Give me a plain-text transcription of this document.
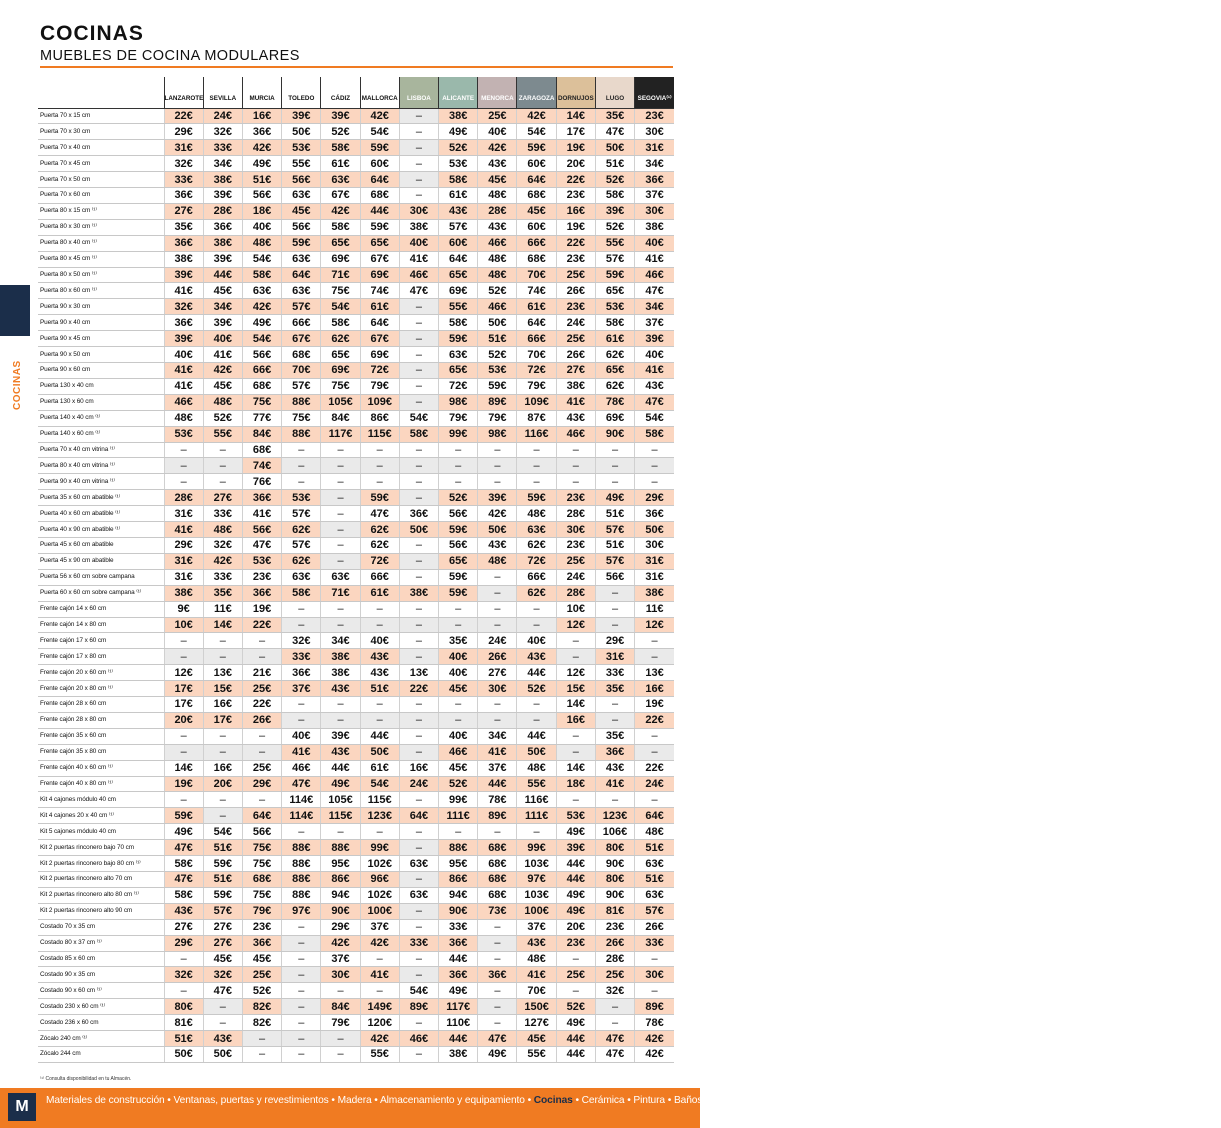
COCINAS
MUEBLES DE COCINA MODULARES
COCINAS
	LANZAROTE	SEVILLA	MURCIA	TOLEDO	CÁDIZ	MALLORCA	LISBOA	ALICANTE	MENORCA	ZARAGOZA	DORNUJOS	LUGO	SEGOVIA⁽¹⁾
Puerta 70 x 15 cm	22€	24€	16€	39€	39€	42€	–	38€	25€	42€	14€	35€	23€
Puerta 70 x 30 cm	29€	32€	36€	50€	52€	54€	–	49€	40€	54€	17€	47€	30€
Puerta 70 x 40 cm	31€	33€	42€	53€	58€	59€	–	52€	42€	59€	19€	50€	31€
Puerta 70 x 45 cm	32€	34€	49€	55€	61€	60€	–	53€	43€	60€	20€	51€	34€
Puerta 70 x 50 cm	33€	38€	51€	56€	63€	64€	–	58€	45€	64€	22€	52€	36€
Puerta 70 x 60 cm	36€	39€	56€	63€	67€	68€	–	61€	48€	68€	23€	58€	37€
Puerta 80 x 15 cm ⁽¹⁾	27€	28€	18€	45€	42€	44€	30€	43€	28€	45€	16€	39€	30€
Puerta 80 x 30 cm ⁽¹⁾	35€	36€	40€	56€	58€	59€	38€	57€	43€	60€	19€	52€	38€
Puerta 80 x 40 cm ⁽¹⁾	36€	38€	48€	59€	65€	65€	40€	60€	46€	66€	22€	55€	40€
Puerta 80 x 45 cm ⁽¹⁾	38€	39€	54€	63€	69€	67€	41€	64€	48€	68€	23€	57€	41€
Puerta 80 x 50 cm ⁽¹⁾	39€	44€	58€	64€	71€	69€	46€	65€	48€	70€	25€	59€	46€
Puerta 80 x 60 cm ⁽¹⁾	41€	45€	63€	63€	75€	74€	47€	69€	52€	74€	26€	65€	47€
Puerta 90 x 30 cm	32€	34€	42€	57€	54€	61€	–	55€	46€	61€	23€	53€	34€
Puerta 90 x 40 cm	36€	39€	49€	66€	58€	64€	–	58€	50€	64€	24€	58€	37€
Puerta 90 x 45 cm	39€	40€	54€	67€	62€	67€	–	59€	51€	66€	25€	61€	39€
Puerta 90 x 50 cm	40€	41€	56€	68€	65€	69€	–	63€	52€	70€	26€	62€	40€
Puerta 90 x 60 cm	41€	42€	66€	70€	69€	72€	–	65€	53€	72€	27€	65€	41€
Puerta 130 x 40 cm	41€	45€	68€	57€	75€	79€	–	72€	59€	79€	38€	62€	43€
Puerta 130 x 60 cm	46€	48€	75€	88€	105€	109€	–	98€	89€	109€	41€	78€	47€
Puerta 140 x 40 cm ⁽¹⁾	48€	52€	77€	75€	84€	86€	54€	79€	79€	87€	43€	69€	54€
Puerta 140 x 60 cm ⁽¹⁾	53€	55€	84€	88€	117€	115€	58€	99€	98€	116€	46€	90€	58€
Puerta 70 x 40 cm vitrina ⁽¹⁾	–	–	68€	–	–	–	–	–	–	–	–	–	–
Puerta 80 x 40 cm vitrina ⁽¹⁾	–	–	74€	–	–	–	–	–	–	–	–	–	–
Puerta 90 x 40 cm vitrina ⁽¹⁾	–	–	76€	–	–	–	–	–	–	–	–	–	–
Puerta 35 x 60 cm abatible ⁽¹⁾	28€	27€	36€	53€	–	59€	–	52€	39€	59€	23€	49€	29€
Puerta 40 x 60 cm abatible ⁽¹⁾	31€	33€	41€	57€	–	47€	36€	56€	42€	48€	28€	51€	36€
Puerta 40 x 90 cm abatible ⁽¹⁾	41€	48€	56€	62€	–	62€	50€	59€	50€	63€	30€	57€	50€
Puerta 45 x 60 cm abatible	29€	32€	47€	57€	–	62€	–	56€	43€	62€	23€	51€	30€
Puerta 45 x 90 cm abatible	31€	42€	53€	62€	–	72€	–	65€	48€	72€	25€	57€	31€
Puerta 56 x 60 cm sobre campana	31€	33€	23€	63€	63€	66€	–	59€	–	66€	24€	56€	31€
Puerta 60 x 60 cm sobre campana ⁽¹⁾	38€	35€	36€	58€	71€	61€	38€	59€	–	62€	28€	–	38€
Frente cajón 14 x 60 cm	9€	11€	19€	–	–	–	–	–	–	–	10€	–	11€
Frente cajón 14 x 80 cm	10€	14€	22€	–	–	–	–	–	–	–	12€	–	12€
Frente cajón 17 x 60 cm	–	–	–	32€	34€	40€	–	35€	24€	40€	–	29€	–
Frente cajón 17 x 80 cm	–	–	–	33€	38€	43€	–	40€	26€	43€	–	31€	–
Frente cajón 20 x 60 cm ⁽¹⁾	12€	13€	21€	36€	38€	43€	13€	40€	27€	44€	12€	33€	13€
Frente cajón 20 x 80 cm ⁽¹⁾	17€	15€	25€	37€	43€	51€	22€	45€	30€	52€	15€	35€	16€
Frente cajón 28 x 60 cm	17€	16€	22€	–	–	–	–	–	–	–	14€	–	19€
Frente cajón 28 x 80 cm	20€	17€	26€	–	–	–	–	–	–	–	16€	–	22€
Frente cajón 35 x 60 cm	–	–	–	40€	39€	44€	–	40€	34€	44€	–	35€	–
Frente cajón 35 x 80 cm	–	–	–	41€	43€	50€	–	46€	41€	50€	–	36€	–
Frente cajón 40 x 60 cm ⁽¹⁾	14€	16€	25€	46€	44€	61€	16€	45€	37€	48€	14€	43€	22€
Frente cajón 40 x 80 cm ⁽¹⁾	19€	20€	29€	47€	49€	54€	24€	52€	44€	55€	18€	41€	24€
Kit 4 cajones módulo 40 cm	–	–	–	114€	105€	115€	–	99€	78€	116€	–	–	–
Kit 4 cajones 20 x 40 cm ⁽¹⁾	59€	–	64€	114€	115€	123€	64€	111€	89€	111€	53€	123€	64€
Kit 5 cajones módulo 40 cm	49€	54€	56€	–	–	–	–	–	–	–	49€	106€	48€
Kit 2 puertas rinconero bajo 70 cm	47€	51€	75€	88€	88€	99€	–	88€	68€	99€	39€	80€	51€
Kit 2 puertas rinconero bajo 80 cm ⁽¹⁾	58€	59€	75€	88€	95€	102€	63€	95€	68€	103€	44€	90€	63€
Kit 2 puertas rinconero alto 70 cm	47€	51€	68€	88€	86€	96€	–	86€	68€	97€	44€	80€	51€
Kit 2 puertas rinconero alto 80 cm ⁽¹⁾	58€	59€	75€	88€	94€	102€	63€	94€	68€	103€	49€	90€	63€
Kit 2 puertas rinconero alto 90 cm	43€	57€	79€	97€	90€	100€	–	90€	73€	100€	49€	81€	57€
Costado 70 x 35 cm	27€	27€	23€	–	29€	37€	–	33€	–	37€	20€	23€	26€
Costado 80 x 37 cm ⁽¹⁾	29€	27€	36€	–	42€	42€	33€	36€	–	43€	23€	26€	33€
Costado 85 x 60 cm	–	45€	45€	–	37€	–	–	44€	–	48€	–	28€	–
Costado 90 x 35 cm	32€	32€	25€	–	30€	41€	–	36€	36€	41€	25€	25€	30€
Costado 90 x 60 cm ⁽¹⁾	–	47€	52€	–	–	–	54€	49€	–	70€	–	32€	–
Costado 230 x 60 cm ⁽¹⁾	80€	–	82€	–	84€	149€	89€	117€	–	150€	52€	–	89€
Costado 236 x 60 cm	81€	–	82€	–	79€	120€	–	110€	–	127€	49€	–	78€
Zócalo 240 cm ⁽¹⁾	51€	43€	–	–	–	42€	46€	44€	47€	45€	44€	47€	42€
Zócalo 244 cm	50€	50€	–	–	–	55€	–	38€	49€	55€	44€	47€	42€
⁽¹⁾ Consulta disponibilidad en tu Almacén.
M	Materiales de construcción • Ventanas, puertas y revestimientos • Madera • Almacenamiento y equipamiento • Cocinas • Cerámica • Pintura • Baños • Fontanería • Calefacción • Climatización • Energía renovable • Electricidad • Iluminación • Herramientas • Ferretería
